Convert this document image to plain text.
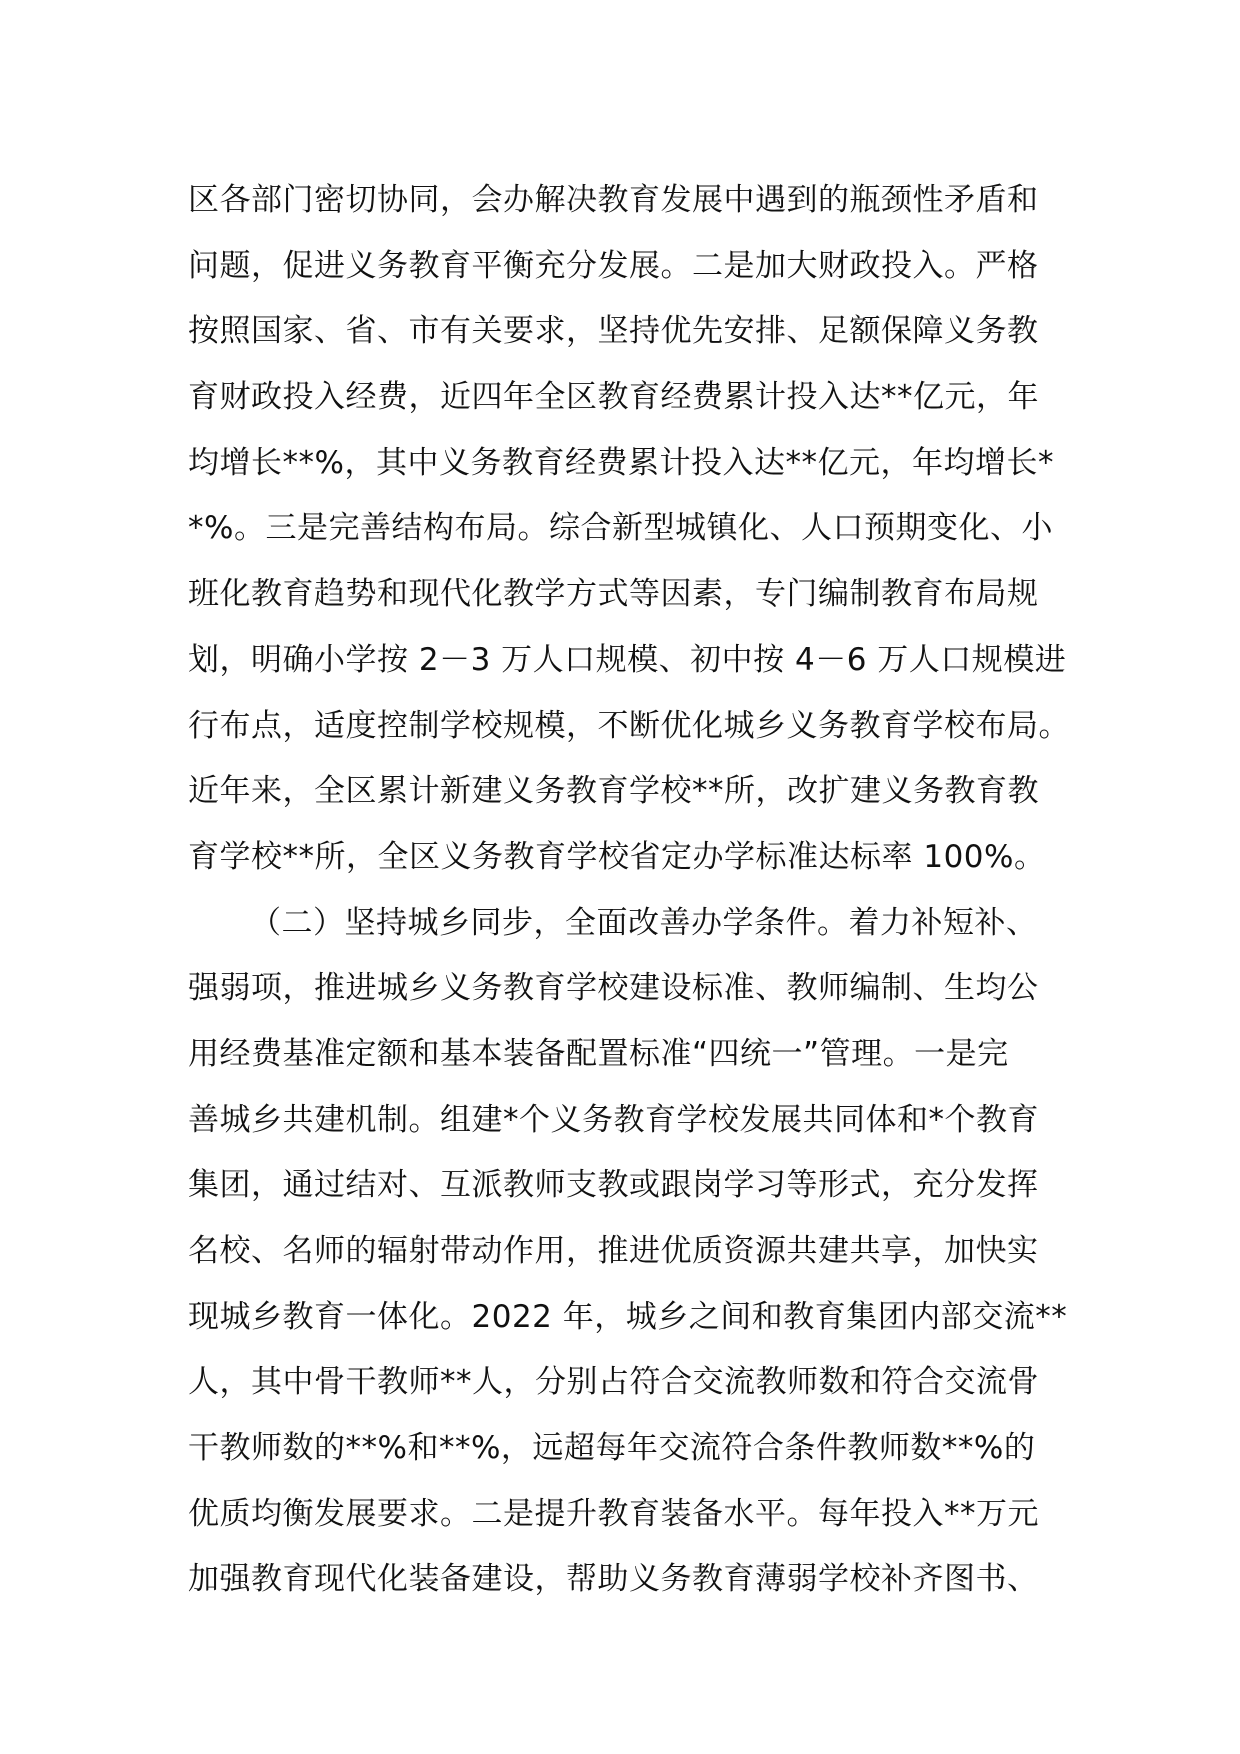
区各部门密切协同，会办解决教育发展中遇到的瓶颈性矛盾和
问题，促进义务教育平衡充分发展。二是加大财政投入。严格
按照国家、省、市有关要求，坚持优先安排、足额保障义务教
育财政投入经费，近四年全区教育经费累计投入达**亿元，年
均增长**%，其中义务教育经费累计投入达**亿元，年均增长*
*%。三是完善结构布局。综合新型城镇化、人口预期变化、小
班化教育趋势和现代化教学方式等因素，专门编制教育布局规
划，明确小学按 2－3 万人口规模、初中按 4－6 万人口规模进
行布点，适度控制学校规模，不断优化城乡义务教育学校布局。
近年来，全区累计新建义务教育学校**所，改扩建义务教育教
育学校**所，全区义务教育学校省定办学标准达标率 100%。
（二）坚持城乡同步，全面改善办学条件。着力补短补、
强弱项，推进城乡义务教育学校建设标准、教师编制、生均公
用经费基准定额和基本装备配置标准“四统一”管理。一是完
善城乡共建机制。组建*个义务教育学校发展共同体和*个教育
集团，通过结对、互派教师支教或跟岗学习等形式，充分发挥
名校、名师的辐射带动作用，推进优质资源共建共享，加快实
现城乡教育一体化。2022 年，城乡之间和教育集团内部交流**
人，其中骨干教师**人，分别占符合交流教师数和符合交流骨
干教师数的**%和**%，远超每年交流符合条件教师数**%的
优质均衡发展要求。二是提升教育装备水平。每年投入**万元
加强教育现代化装备建设，帮助义务教育薄弱学校补齐图书、
